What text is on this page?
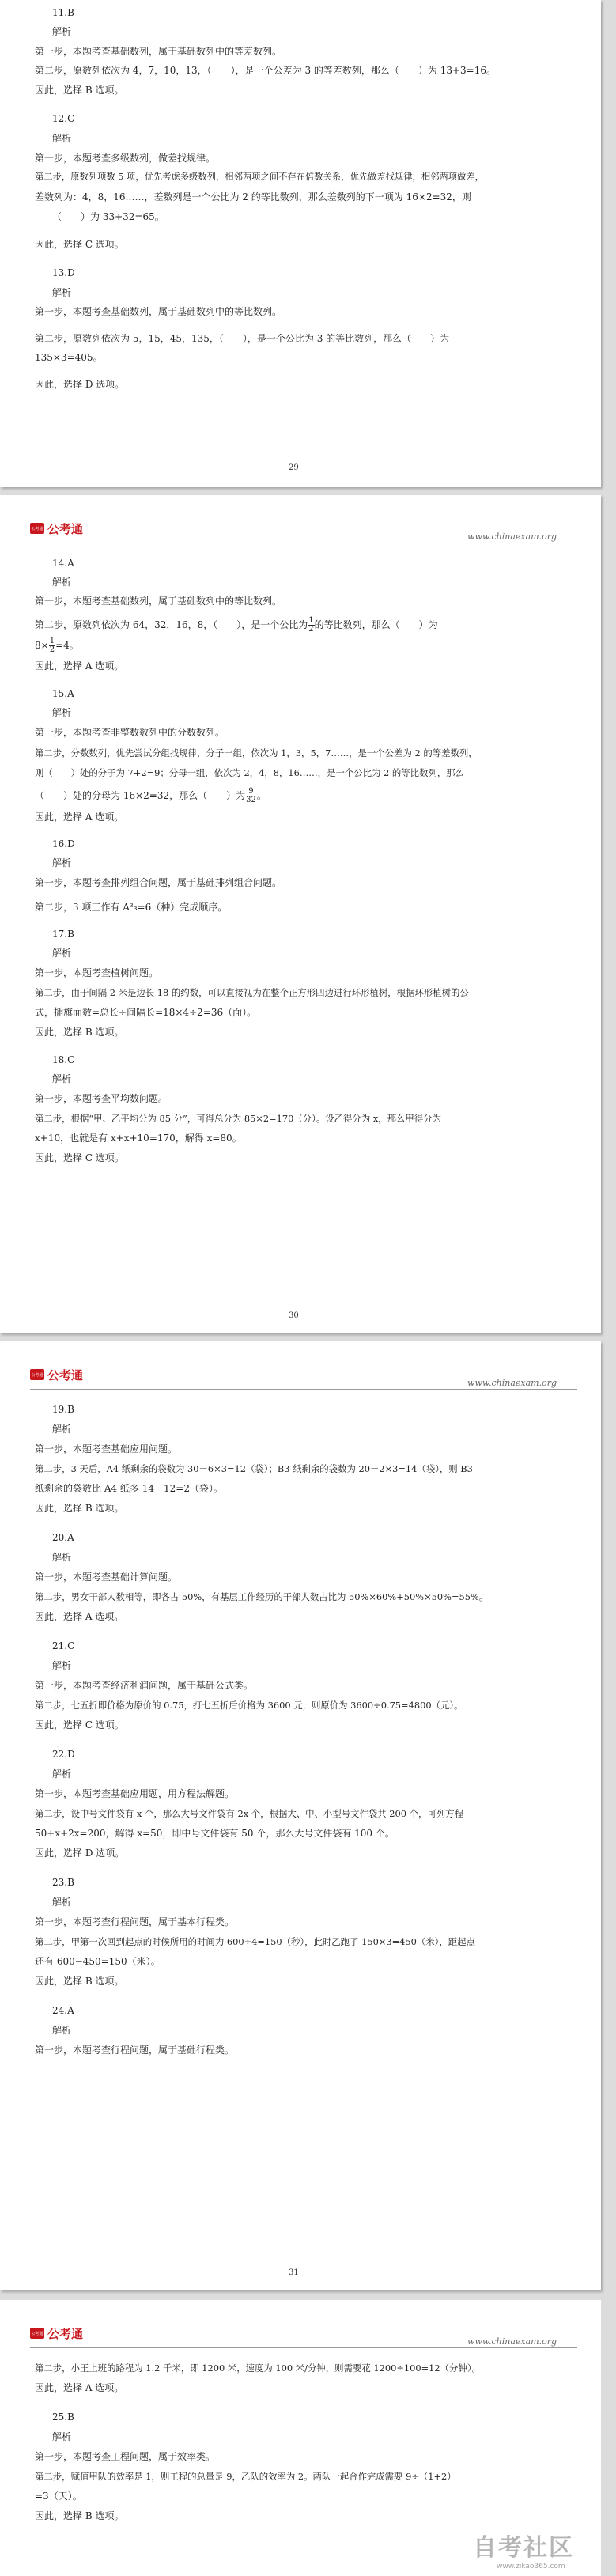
11.B
解析
第一步，本题考查基础数列，属于基础数列中的等差数列。
第二步，原数列依次为 4，7，10，13，（　　），是一个公差为 3 的等差数列，那么（　　）为 13+3=16。
因此，选择 B 选项。
12.C
解析
第一步，本题考查多级数列，做差找规律。
第二步，原数列项数 5 项，优先考虑多级数列，相邻两项之间不存在倍数关系，优先做差找规律，相邻两项做差，
差数列为：4，8，16……，差数列是一个公比为 2 的等比数列，那么差数列的下一项为 16×2=32，则
（　　）为 33+32=65。
因此，选择 C 选项。
13.D
解析
第一步，本题考查基础数列，属于基础数列中的等比数列。
第二步，原数列依次为 5，15，45，135，（　　），是一个公比为 3 的等比数列，那么（　　）为
135×3=405。
因此，选择 D 选项。
29
公考通 公考通
www.chinaexam.org
14.A
解析
第一步，本题考查基础数列，属于基础数列中的等比数列。
第二步，原数列依次为 64，32，16，8，（　　），是一个公比为 $\frac{1}{2}$ 的等比数列，那么（　　）为
$8\times \frac{1}{2} =4$。
因此，选择 A 选项。
15.A
解析
第一步，本题考查非整数数列中的分数数列。
第二步，分数数列，优先尝试分组找规律，分子一组，依次为 1，3，5，7……，是一个公差为 2 的等差数列，
则（　　）处的分子为 7+2=9；分母一组，依次为 2，4，8，16……，是一个公比为 2 的等比数列，那么
（　　）处的分母为 16×2=32，那么（　　）为 $\frac{9}{32}$ 。
因此，选择 A 选项。
16.D
解析
第一步，本题考查排列组合问题，属于基础排列组合问题。
第二步，3 项工作有 A³₃=6（种）完成顺序。
17.B
解析
第一步，本题考查植树问题。
第二步，由于间隔 2 米是边长 18 的约数，可以直接视为在整个正方形四边进行环形植树，根据环形植树的公
式，插旗面数=总长÷间隔长=18×4÷2=36（面）。
因此，选择 B 选项。
18.C
解析
第一步，本题考查平均数问题。
第二步，根据“甲、乙平均分为 85 分”，可得总分为 85×2=170（分）。设乙得分为 x，那么甲得分为
x+10，也就是有 x+x+10=170，解得 x=80。
因此，选择 C 选项。
30
公考通 公考通
www.chinaexam.org
19.B
解析
第一步，本题考查基础应用问题。
第二步，3 天后，A4 纸剩余的袋数为 30－6×3=12（袋）；B3 纸剩余的袋数为 20－2×3=14（袋），则 B3
纸剩余的袋数比 A4 纸多 14－12=2（袋）。
因此，选择 B 选项。
20.A
解析
第一步，本题考查基础计算问题。
第二步，男女干部人数相等，即各占 50%，有基层工作经历的干部人数占比为 50%×60%+50%×50%=55%。
因此，选择 A 选项。
21.C
解析
第一步，本题考查经济利润问题，属于基础公式类。
第二步，七五折即价格为原价的 0.75，打七五折后价格为 3600 元，则原价为 3600÷0.75=4800（元）。
因此，选择 C 选项。
22.D
解析
第一步，本题考查基础应用题，用方程法解题。
第二步，设中号文件袋有 x 个，那么大号文件袋有 2x 个，根据大、中、小型号文件袋共 200 个，可列方程
50+x+2x=200，解得 x=50，即中号文件袋有 50 个，那么大号文件袋有 100 个。
因此，选择 D 选项。
23.B
解析
第一步，本题考查行程问题，属于基本行程类。
第二步，甲第一次回到起点的时候所用的时间为 600÷4=150（秒），此时乙跑了 150×3=450（米），距起点
还有 600−450=150（米）。
因此，选择 B 选项。
24.A
解析
第一步，本题考查行程问题，属于基础行程类。
31
公考通 公考通
www.chinaexam.org
第二步，小王上班的路程为 1.2 千米，即 1200 米，速度为 100 米/分钟，则需要花 1200÷100=12（分钟）。
因此，选择 A 选项。
25.B
解析
第一步，本题考查工程问题，属于效率类。
第二步，赋值甲队的效率是 1，则工程的总量是 9，乙队的效率为 2。两队一起合作完成需要 9÷（1+2）
=3（天）。
因此，选择 B 选项。
自考社区
www.zikao365.com
